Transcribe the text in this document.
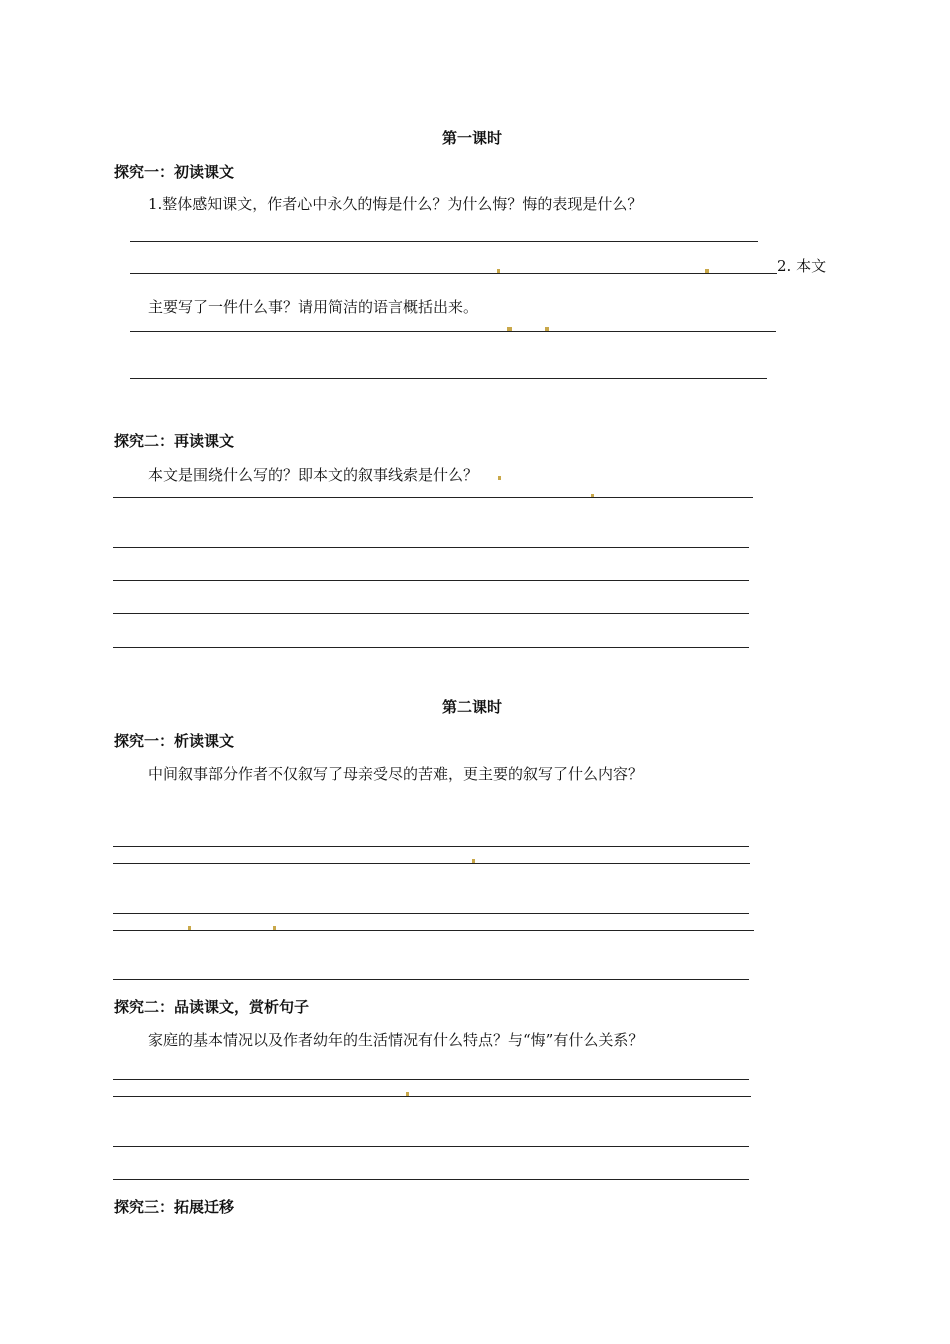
第一课时
探究一：初读课文
1.整体感知课文，作者心中永久的悔是什么？为什么悔？悔的表现是什么？
2. 本文
主要写了一件什么事？请用简洁的语言概括出来。
探究二：再读课文
本文是围绕什么写的？即本文的叙事线索是什么？
第二课时
探究一：析读课文
中间叙事部分作者不仅叙写了母亲受尽的苦难，更主要的叙写了什么内容？
探究二：品读课文，赏析句子
家庭的基本情况以及作者幼年的生活情况有什么特点？与“悔”有什么关系？
探究三：拓展迁移
